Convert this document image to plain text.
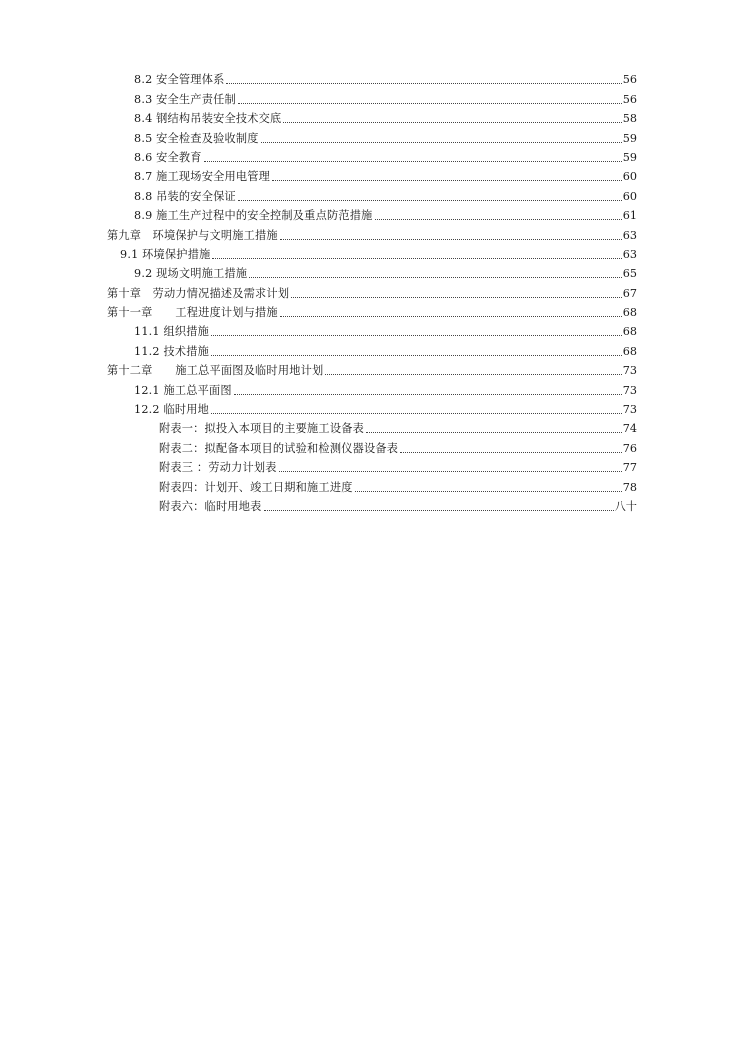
8.2 安全管理体系	56
8.3 安全生产责任制	56
8.4 钢结构吊装安全技术交底	58
8.5 安全检查及验收制度	59
8.6 安全教育	59
8.7 施工现场安全用电管理	60
8.8 吊装的安全保证	60
8.9 施工生产过程中的安全控制及重点防范措施	61
第九章　环境保护与文明施工措施	63
9.1 环境保护措施	63
9.2 现场文明施工措施	65
第十章　劳动力情况描述及需求计划	67
第十一章　　工程进度计划与措施	68
11.1 组织措施	68
11.2 技术措施	68
第十二章　　施工总平面图及临时用地计划	73
12.1 施工总平面图	73
12.2 临时用地	73
附表一：拟投入本项目的主要施工设备表	74
附表二：拟配备本项目的试验和检测仪器设备表	76
附表三 ：劳动力计划表	77
附表四：计划开、竣工日期和施工进度	78
附表六：临时用地表	八十
